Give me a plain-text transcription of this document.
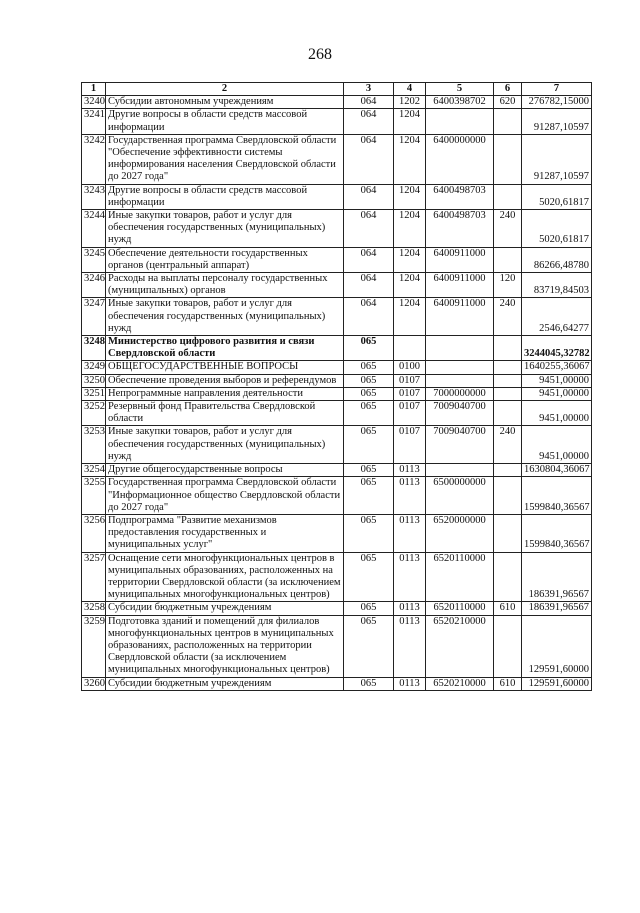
268
1	2	3	4	5	6	7
3240	Субсидии автономным учреждениям	064	1202	6400398702	620	276782,15000
3241	Другие вопросы в области средств массовой информации	064	1204			91287,10597
3242	Государственная программа Свердловской области "Обеспечение эффективности системы информирования населения Свердловской области до 2027 года"	064	1204	6400000000		91287,10597
3243	Другие вопросы в области средств массовой информации	064	1204	6400498703		5020,61817
3244	Иные закупки товаров, работ и услуг для обеспечения государственных (муниципальных) нужд	064	1204	6400498703	240	5020,61817
3245	Обеспечение деятельности государственных органов (центральный аппарат)	064	1204	6400911000		86266,48780
3246	Расходы на выплаты персоналу государственных (муниципальных) органов	064	1204	6400911000	120	83719,84503
3247	Иные закупки товаров, работ и услуг для обеспечения государственных (муниципальных) нужд	064	1204	6400911000	240	2546,64277
3248	Министерство цифрового развития и связи Свердловской области	065				3244045,32782
3249	ОБЩЕГОСУДАРСТВЕННЫЕ ВОПРОСЫ	065	0100			1640255,36067
3250	Обеспечение проведения выборов и референдумов	065	0107			9451,00000
3251	Непрограммные направления деятельности	065	0107	7000000000		9451,00000
3252	Резервный фонд Правительства Свердловской области	065	0107	7009040700		9451,00000
3253	Иные закупки товаров, работ и услуг для обеспечения государственных (муниципальных) нужд	065	0107	7009040700	240	9451,00000
3254	Другие общегосударственные вопросы	065	0113			1630804,36067
3255	Государственная программа Свердловской области "Информационное общество Свердловской области до 2027 года"	065	0113	6500000000		1599840,36567
3256	Подпрограмма "Развитие механизмов предоставления государственных и муниципальных услуг"	065	0113	6520000000		1599840,36567
3257	Оснащение сети многофункциональных центров в муниципальных образованиях, расположенных на территории Свердловской области (за исключением муниципальных многофункциональных центров)	065	0113	6520110000		186391,96567
3258	Субсидии бюджетным учреждениям	065	0113	6520110000	610	186391,96567
3259	Подготовка зданий и помещений для филиалов многофункциональных центров в муниципальных образованиях, расположенных на территории Свердловской области (за исключением муниципальных многофункциональных центров)	065	0113	6520210000		129591,60000
3260	Субсидии бюджетным учреждениям	065	0113	6520210000	610	129591,60000
